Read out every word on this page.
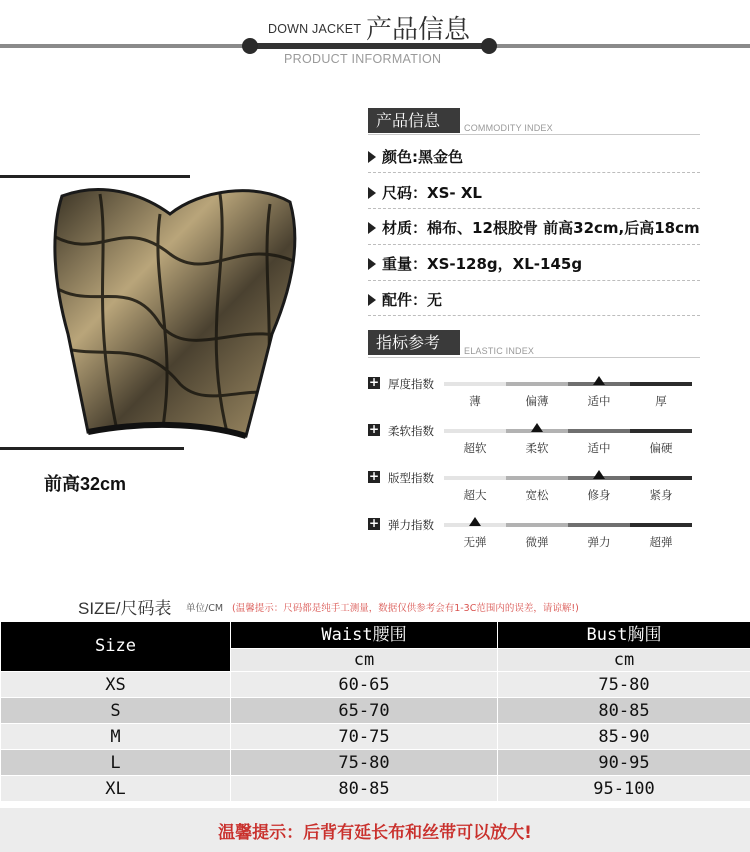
DOWN JACKET 产品信息
PRODUCT INFORMATION
前高32cm
产品信息	COMMODITY INDEX
颜色:黑金色
尺码：XS- XL
材质：棉布、12根胶骨 前高32cm,后高18cm
重量：XS-128g，XL-145g
配件：无
指标参考	ELASTIC INDEX
+ 厚度指数
薄	偏薄	适中	厚
+ 柔软指数
超软	柔软	适中	偏硬
+ 版型指数
超大	宽松	修身	紧身
+ 弹力指数
无弹	微弹	弹力	超弹
SIZE/尺码表 单位/CM (温馨提示：尺码都是纯手工测量，数据仅供参考会有1-3C范围内的误差，请谅解!)
Size	Waist腰围	Bust胸围
	cm	cm
XS	60-65	75-80
S	65-70	80-85
M	70-75	85-90
L	75-80	90-95
XL	80-85	95-100
温馨提示：后背有延长布和丝带可以放大!
